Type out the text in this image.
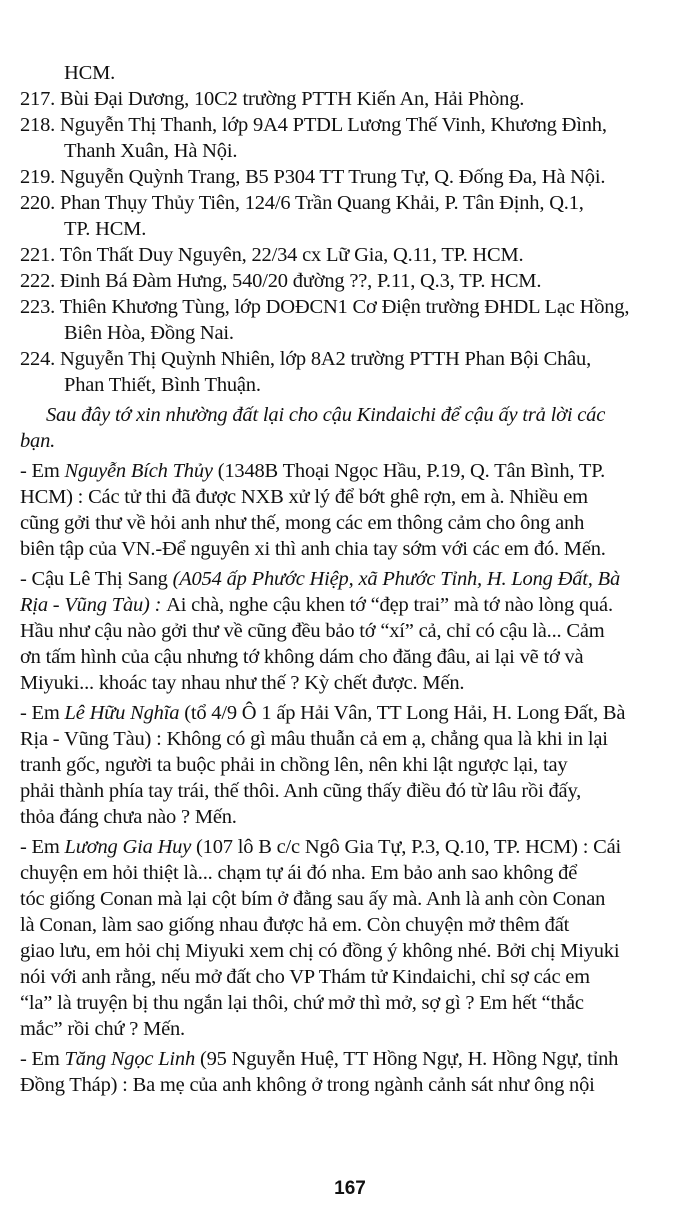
HCM.
217. Bùi Đại Dương, 10C2 trường PTTH Kiến An, Hải Phòng.
218. Nguyễn Thị Thanh, lớp 9A4 PTDL Lương Thế Vinh, Khương Đình,
Thanh Xuân, Hà Nội.
219. Nguyễn Quỳnh Trang, B5 P304 TT Trung Tự, Q. Đống Đa, Hà Nội.
220. Phan Thụy Thủy Tiên, 124/6 Trần Quang Khải, P. Tân Định, Q.1,
TP. HCM.
221. Tôn Thất Duy Nguyên, 22/34 cx Lữ Gia, Q.11, TP. HCM.
222. Đinh Bá Đàm Hưng, 540/20 đường ??, P.11, Q.3, TP. HCM.
223. Thiên Khương Tùng, lớp DOĐCN1 Cơ Điện trường ĐHDL Lạc Hồng,
Biên Hòa, Đồng Nai.
224. Nguyễn Thị Quỳnh Nhiên, lớp 8A2 trường PTTH Phan Bội Châu,
Phan Thiết, Bình Thuận.
Sau đây tớ xin nhường đất lại cho cậu Kindaichi để cậu ấy trả lời các
bạn.
- Em Nguyễn Bích Thủy (1348B Thoại Ngọc Hầu, P.19, Q. Tân Bình, TP.
HCM) : Các tử thi đã được NXB xử lý để bớt ghê rợn, em à. Nhiều em
cũng gởi thư về hỏi anh như thế, mong các em thông cảm cho ông anh
biên tập của VN.-Để nguyên xi thì anh chia tay sớm với các em đó. Mến.
- Cậu Lê Thị Sang (A054 ấp Phước Hiệp, xã Phước Tỉnh, H. Long Đất, Bà
Rịa - Vũng Tàu) : Ai chà, nghe cậu khen tớ “đẹp trai” mà tớ nào lòng quá.
Hầu như cậu nào gởi thư về cũng đều bảo tớ “xí” cả, chỉ có cậu là... Cảm
ơn tấm hình của cậu nhưng tớ không dám cho đăng đâu, ai lại vẽ tớ và
Miyuki... khoác tay nhau như thế ? Kỳ chết được. Mến.
- Em Lê Hữu Nghĩa (tổ 4/9 Ô 1 ấp Hải Vân, TT Long Hải, H. Long Đất, Bà
Rịa - Vũng Tàu) : Không có gì mâu thuẫn cả em ạ, chẳng qua là khi in lại
tranh gốc, người ta buộc phải in chồng lên, nên khi lật ngược lại, tay
phải thành phía tay trái, thế thôi. Anh cũng thấy điều đó từ lâu rồi đấy,
thỏa đáng chưa nào ? Mến.
- Em Lương Gia Huy (107 lô B c/c Ngô Gia Tự, P.3, Q.10, TP. HCM) : Cái
chuyện em hỏi thiệt là... chạm tự ái đó nha. Em bảo anh sao không để
tóc giống Conan mà lại cột bím ở đằng sau ấy mà. Anh là anh còn Conan
là Conan, làm sao giống nhau được hả em. Còn chuyện mở thêm đất
giao lưu, em hỏi chị Miyuki xem chị có đồng ý không nhé. Bởi chị Miyuki
nói với anh rằng, nếu mở đất cho VP Thám tử Kindaichi, chỉ sợ các em
“la” là truyện bị thu ngắn lại thôi, chứ mở thì mở, sợ gì ? Em hết “thắc
mắc” rồi chứ ? Mến.
- Em Tăng Ngọc Linh (95 Nguyễn Huệ, TT Hồng Ngự, H. Hồng Ngự, tỉnh
Đồng Tháp) : Ba mẹ của anh không ở trong ngành cảnh sát như ông nội
167
